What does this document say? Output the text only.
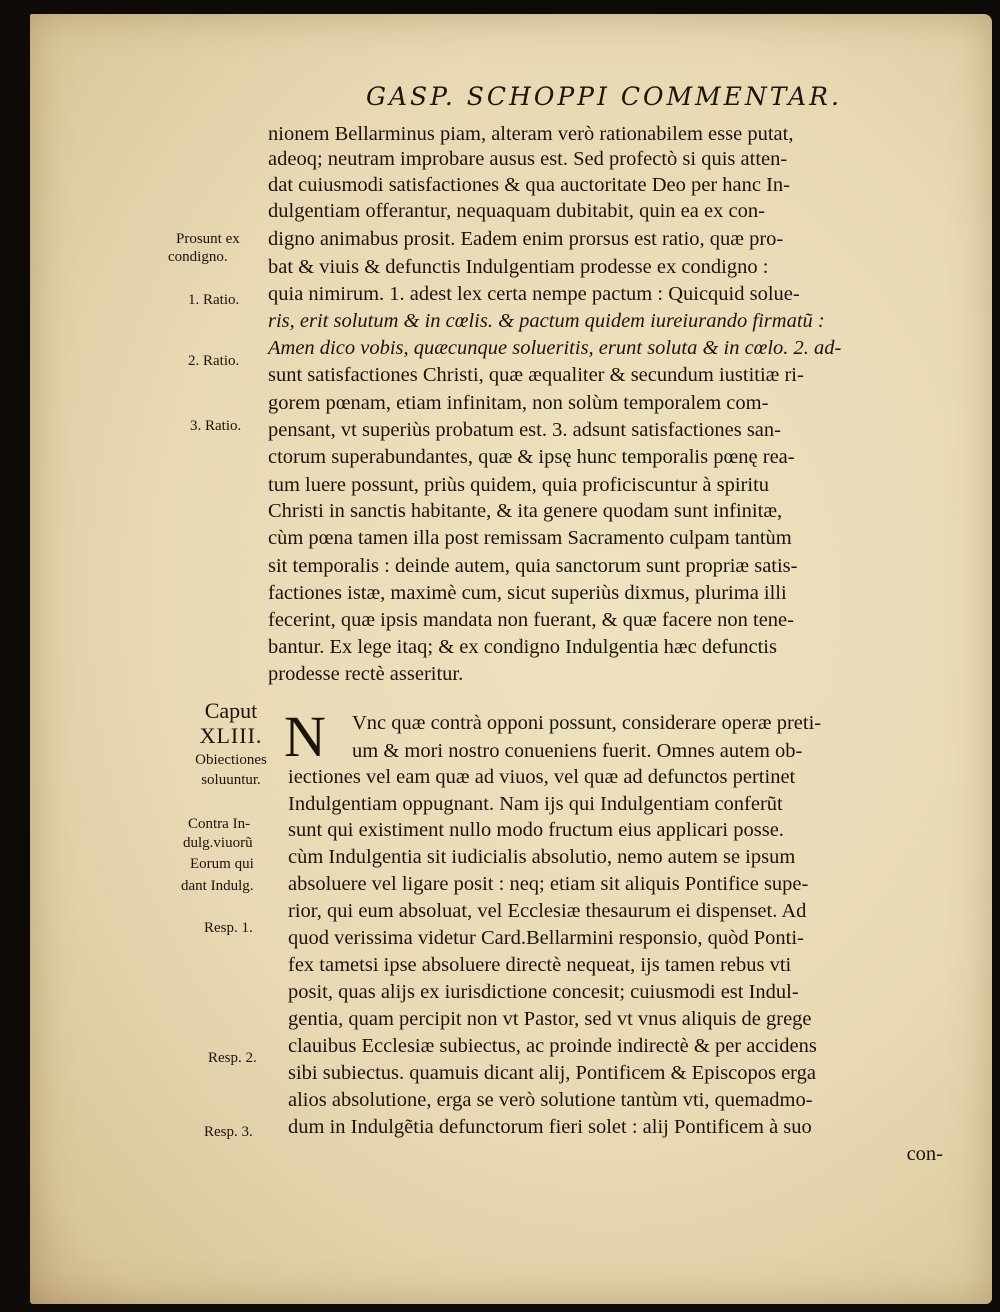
GASP. SCHOPPI COMMENTAR.
Prosunt ex
condigno.
1. Ratio.
2. Ratio.
3. Ratio.
Caput
XLIII.
Obiectiones
soluuntur.
Contra In-
dulg.viuorũ
Eorum qui
dant Indulg.
Resp. 1.
Resp. 2.
Resp. 3.
nionem Bellarminus piam, alteram verò rationabilem esse putat,
adeoq; neutram improbare ausus est. Sed profectò si quis atten-
dat cuiusmodi satisfactiones & qua auctoritate Deo per hanc In-
dulgentiam offerantur, nequaquam dubitabit, quin ea ex con-
digno animabus prosit. Eadem enim prorsus est ratio, quæ pro-
bat & viuis & defunctis Indulgentiam prodesse ex condigno :
quia nimirum. 1. adest lex certa nempe pactum : Quicquid solue-
ris, erit solutum & in cœlis. & pactum quidem iureiurando firmatũ :
Amen dico vobis, quæcunque solueritis, erunt soluta & in cœlo. 2. ad-
sunt satisfactiones Christi, quæ æqualiter & secundum iustitiæ ri-
gorem pœnam, etiam infinitam, non solùm temporalem com-
pensant, vt superiùs probatum est. 3. adsunt satisfactiones san-
ctorum superabundantes, quæ & ipsę hunc temporalis pœnę rea-
tum luere possunt, priùs quidem, quia proficiscuntur à spiritu
Christi in sanctis habitante, & ita genere quodam sunt infinitæ,
cùm pœna tamen illa post remissam Sacramento culpam tantùm
sit temporalis : deinde autem, quia sanctorum sunt propriæ satis-
factiones istæ, maximè cum, sicut superiùs dixmus, plurima illi
fecerint, quæ ipsis mandata non fuerant, & quæ facere non tene-
bantur. Ex lege itaq; & ex condigno Indulgentia hæc defunctis
prodesse rectè asseritur.
N Vnc quæ contrà opponi possunt, considerare operæ preti-
um & mori nostro conueniens fuerit. Omnes autem ob-
iectiones vel eam quæ ad viuos, vel quæ ad defunctos pertinet
Indulgentiam oppugnant. Nam ijs qui Indulgentiam conferũt
sunt qui existiment nullo modo fructum eius applicari posse.
cùm Indulgentia sit iudicialis absolutio, nemo autem se ipsum
absoluere vel ligare posit : neq; etiam sit aliquis Pontifice supe-
rior, qui eum absoluat, vel Ecclesiæ thesaurum ei dispenset. Ad
quod verissima videtur Card.Bellarmini responsio, quòd Ponti-
fex tametsi ipse absoluere directè nequeat, ijs tamen rebus vti
posit, quas alijs ex iurisdictione concesit; cuiusmodi est Indul-
gentia, quam percipit non vt Pastor, sed vt vnus aliquis de grege
clauibus Ecclesiæ subiectus, ac proinde indirectè & per accidens
sibi subiectus. quamuis dicant alij, Pontificem & Episcopos erga
alios absolutione, erga se verò solutione tantùm vti, quemadmo-
dum in Indulgẽtia defunctorum fieri solet : alij Pontificem à suo
con-
